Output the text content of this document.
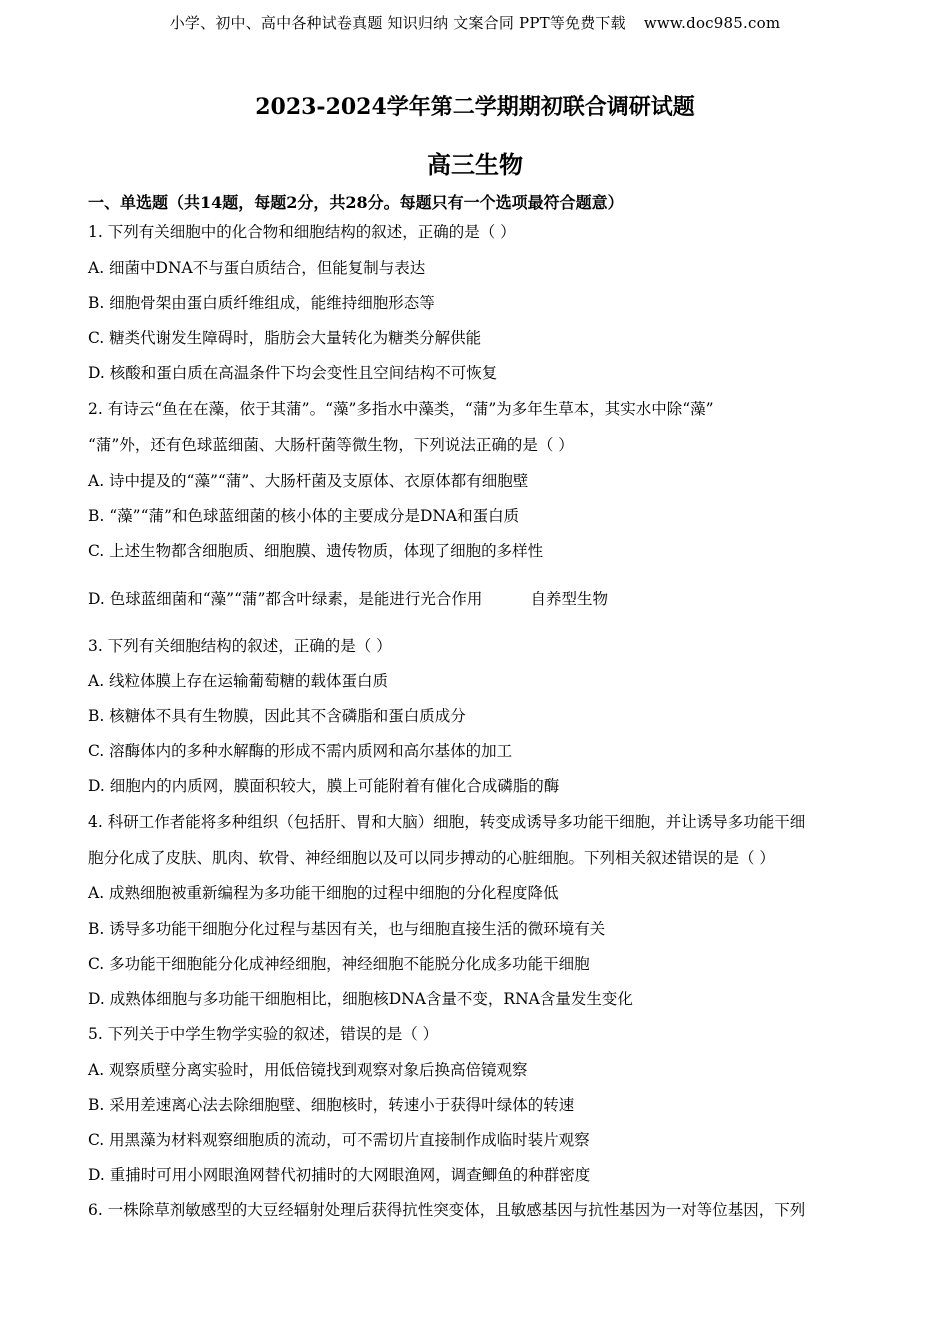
小学、初中、高中各种试卷真题 知识归纳 文案合同 PPT等免费下载 www.doc985.com
2023-2024学年第二学期期初联合调研试题
高三生物
一、单选题（共14题，每题2分，共28分。每题只有一个选项最符合题意）
1. 下列有关细胞中的化合物和细胞结构的叙述，正确的是（ ）
A. 细菌中DNA不与蛋白质结合，但能复制与表达
B. 细胞骨架由蛋白质纤维组成，能维持细胞形态等
C. 糖类代谢发生障碍时，脂肪会大量转化为糖类分解供能
D. 核酸和蛋白质在高温条件下均会变性且空间结构不可恢复
2. 有诗云“鱼在在藻，依于其蒲”。“藻”多指水中藻类，“蒲”为多年生草本，其实水中除“藻”
“蒲”外，还有色球蓝细菌、大肠杆菌等微生物，下列说法正确的是（ ）
A. 诗中提及的“藻”“蒲”、大肠杆菌及支原体、衣原体都有细胞壁
B. “藻”“蒲”和色球蓝细菌的核小体的主要成分是DNA和蛋白质
C. 上述生物都含细胞质、细胞膜、遗传物质，体现了细胞的多样性
D. 色球蓝细菌和“藻”“蒲”都含叶绿素，是能进行光合作用	自养型生物
3. 下列有关细胞结构的叙述，正确的是（ ）
A. 线粒体膜上存在运输葡萄糖的载体蛋白质
B. 核糖体不具有生物膜，因此其不含磷脂和蛋白质成分
C. 溶酶体内的多种水解酶的形成不需内质网和高尔基体的加工
D. 细胞内的内质网，膜面积较大，膜上可能附着有催化合成磷脂的酶
4. 科研工作者能将多种组织（包括肝、胃和大脑）细胞，转变成诱导多功能干细胞，并让诱导多功能干细
胞分化成了皮肤、肌肉、软骨、神经细胞以及可以同步搏动的心脏细胞。下列相关叙述错误的是（ ）
A. 成熟细胞被重新编程为多功能干细胞的过程中细胞的分化程度降低
B. 诱导多功能干细胞分化过程与基因有关，也与细胞直接生活的微环境有关
C. 多功能干细胞能分化成神经细胞，神经细胞不能脱分化成多功能干细胞
D. 成熟体细胞与多功能干细胞相比，细胞核DNA含量不变，RNA含量发生变化
5. 下列关于中学生物学实验的叙述，错误的是（ ）
A. 观察质壁分离实验时，用低倍镜找到观察对象后换高倍镜观察
B. 采用差速离心法去除细胞壁、细胞核时，转速小于获得叶绿体的转速
C. 用黑藻为材料观察细胞质的流动，可不需切片直接制作成临时装片观察
D. 重捕时可用小网眼渔网替代初捕时的大网眼渔网，调查鲫鱼的种群密度
6. 一株除草剂敏感型的大豆经辐射处理后获得抗性突变体，且敏感基因与抗性基因为一对等位基因，下列
